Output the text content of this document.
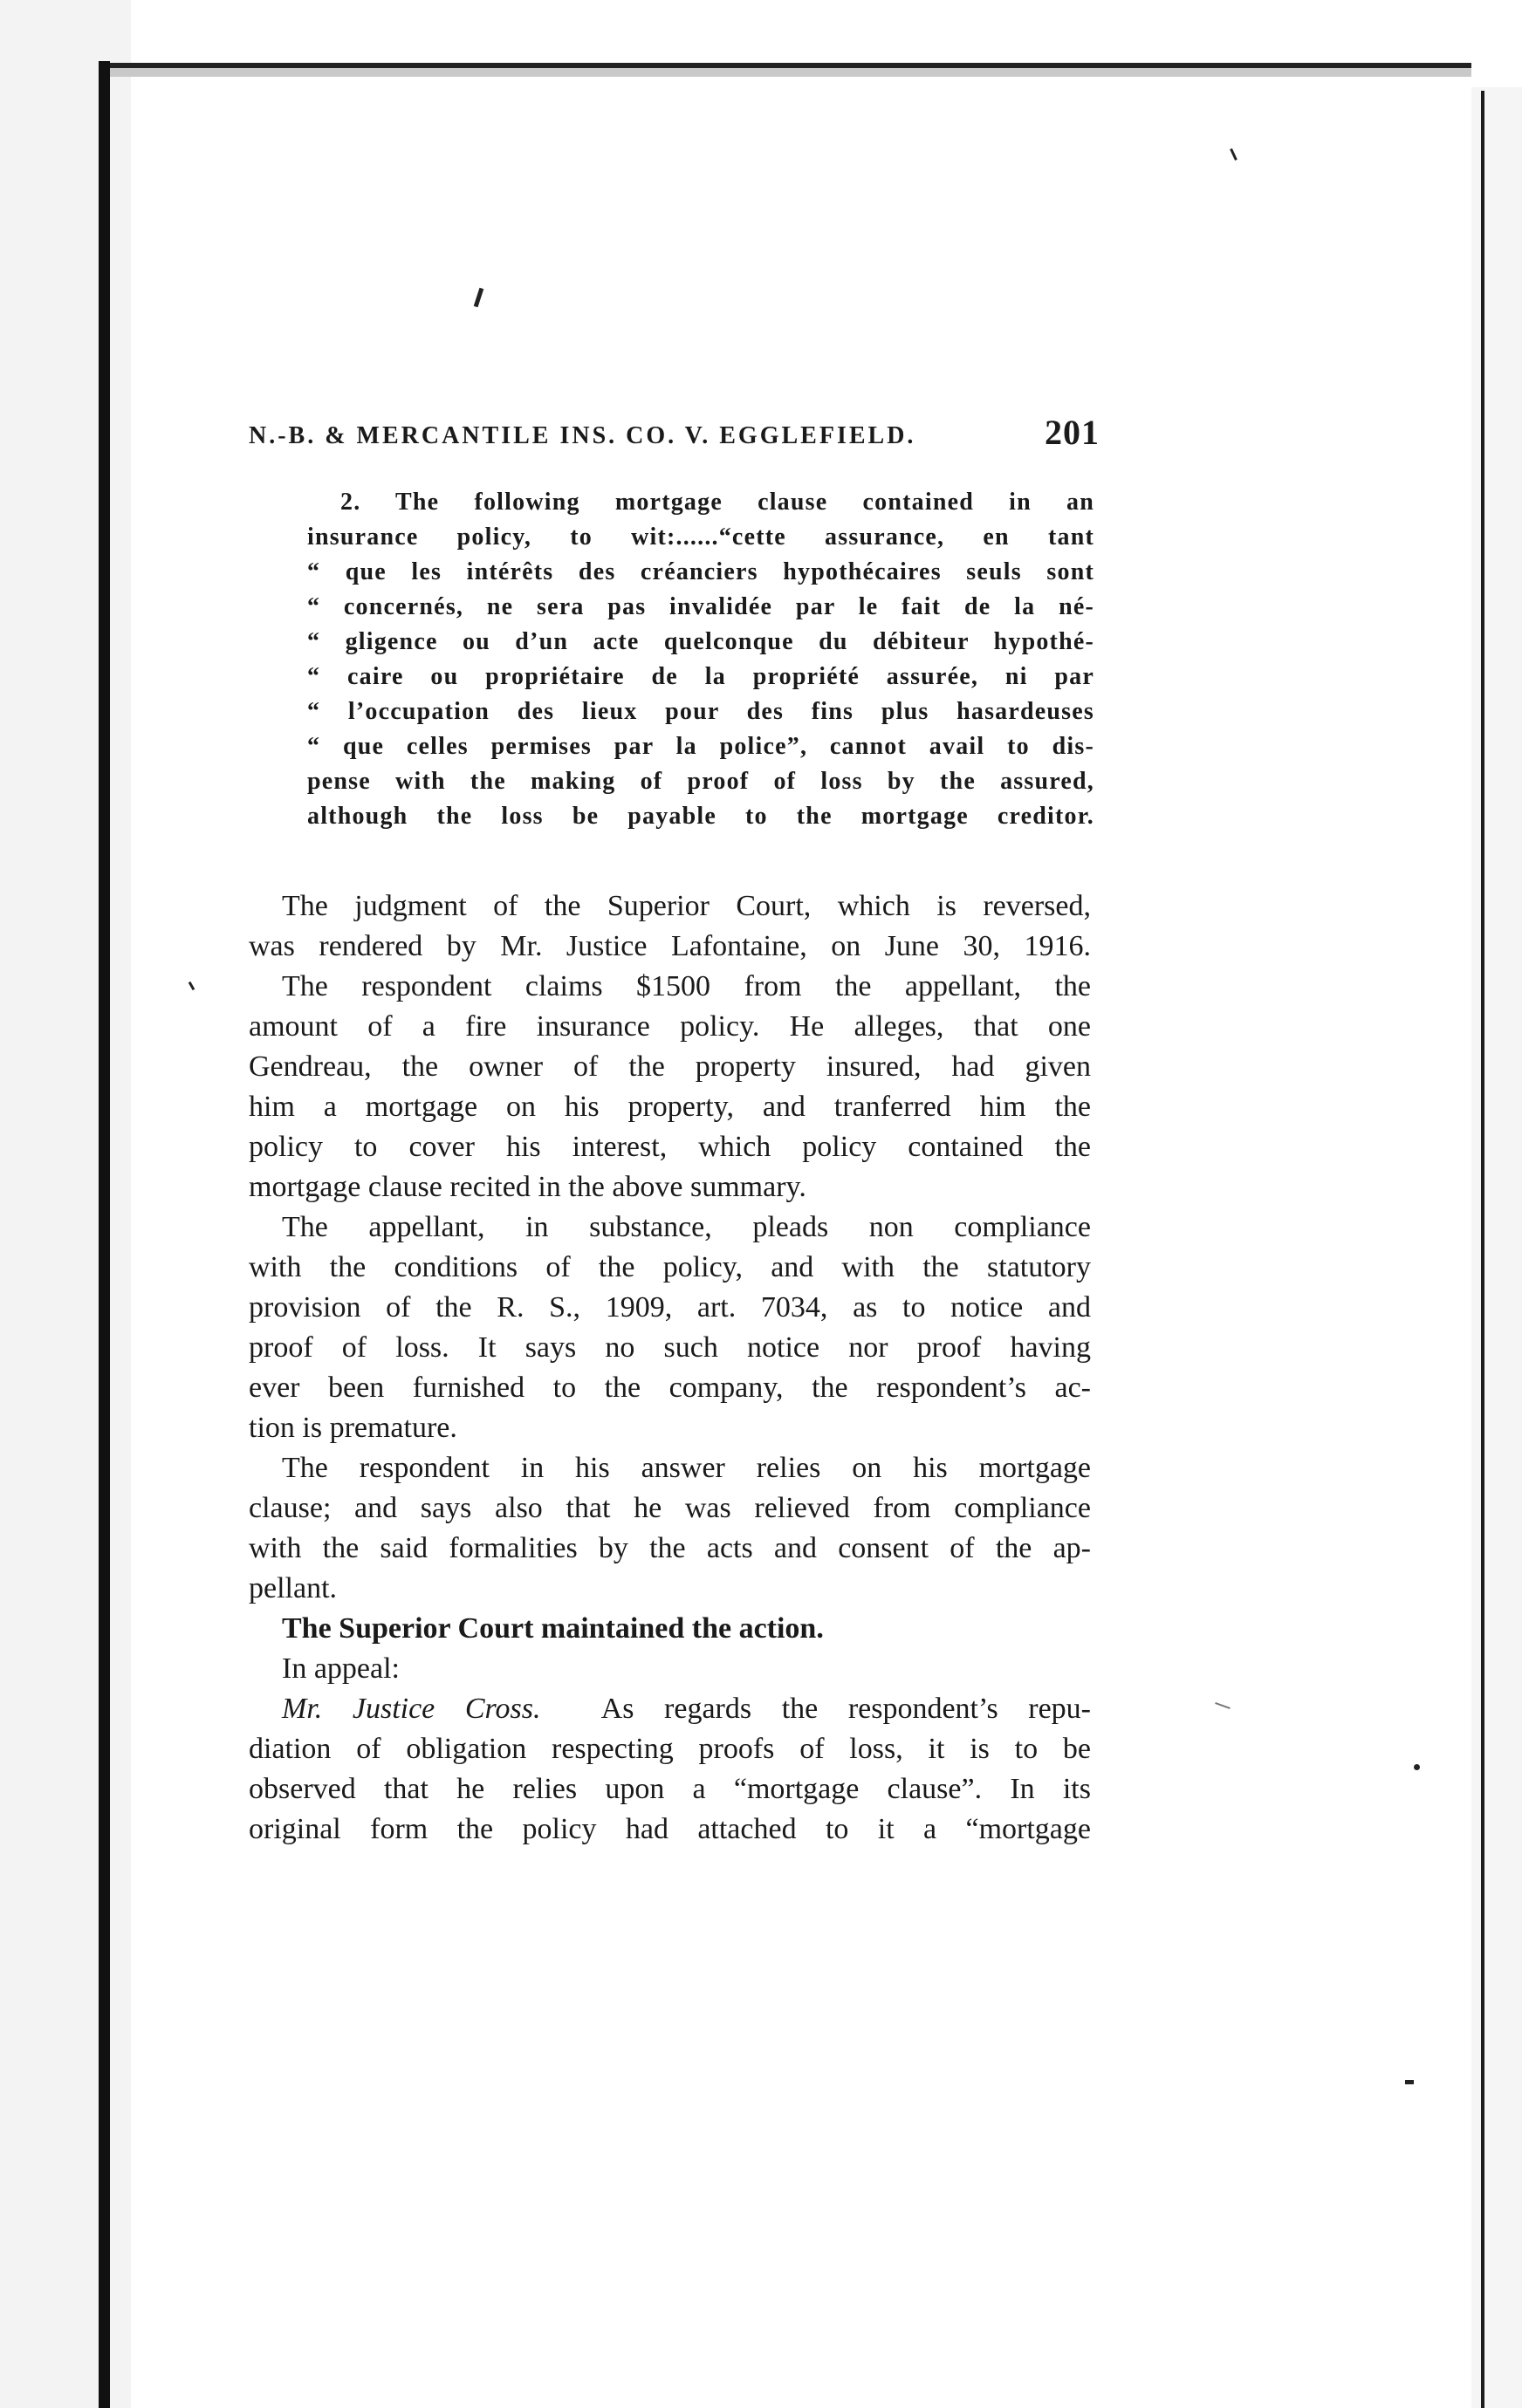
N.-B. & MERCANTILE INS. CO. V. EGGLEFIELD.	201
2. The following mortgage clause contained in an
insurance policy, to wit:......“cette assurance, en tant
“ que les intérêts des créanciers hypothécaires seuls sont
“ concernés, ne sera pas invalidée par le fait de la né-
“ gligence ou d’un acte quelconque du débiteur hypothé-
“ caire ou propriétaire de la propriété assurée, ni par
“ l’occupation des lieux pour des fins plus hasardeuses
“ que celles permises par la police”, cannot avail to dis-
pense with the making of proof of loss by the assured,
although the loss be payable to the mortgage creditor.
The judgment of the Superior Court, which is reversed,
was rendered by Mr. Justice Lafontaine, on June 30, 1916.
The respondent claims $1500 from the appellant, the
amount of a fire insurance policy. He alleges, that one
Gendreau, the owner of the property insured, had given
him a mortgage on his property, and tranferred him the
policy to cover his interest, which policy contained the
mortgage clause recited in the above summary.
The appellant, in substance, pleads non compliance
with the conditions of the policy, and with the statutory
provision of the R. S., 1909, art. 7034, as to notice and
proof of loss. It says no such notice nor proof having
ever been furnished to the company, the respondent’s ac-
tion is premature.
The respondent in his answer relies on his mortgage
clause; and says also that he was relieved from compliance
with the said formalities by the acts and consent of the ap-
pellant.
The Superior Court maintained the action.
In appeal:
Mr. Justice Cross. As regards the respondent’s repu-
diation of obligation respecting proofs of loss, it is to be
observed that he relies upon a “mortgage clause”. In its
original form the policy had attached to it a “mortgage
